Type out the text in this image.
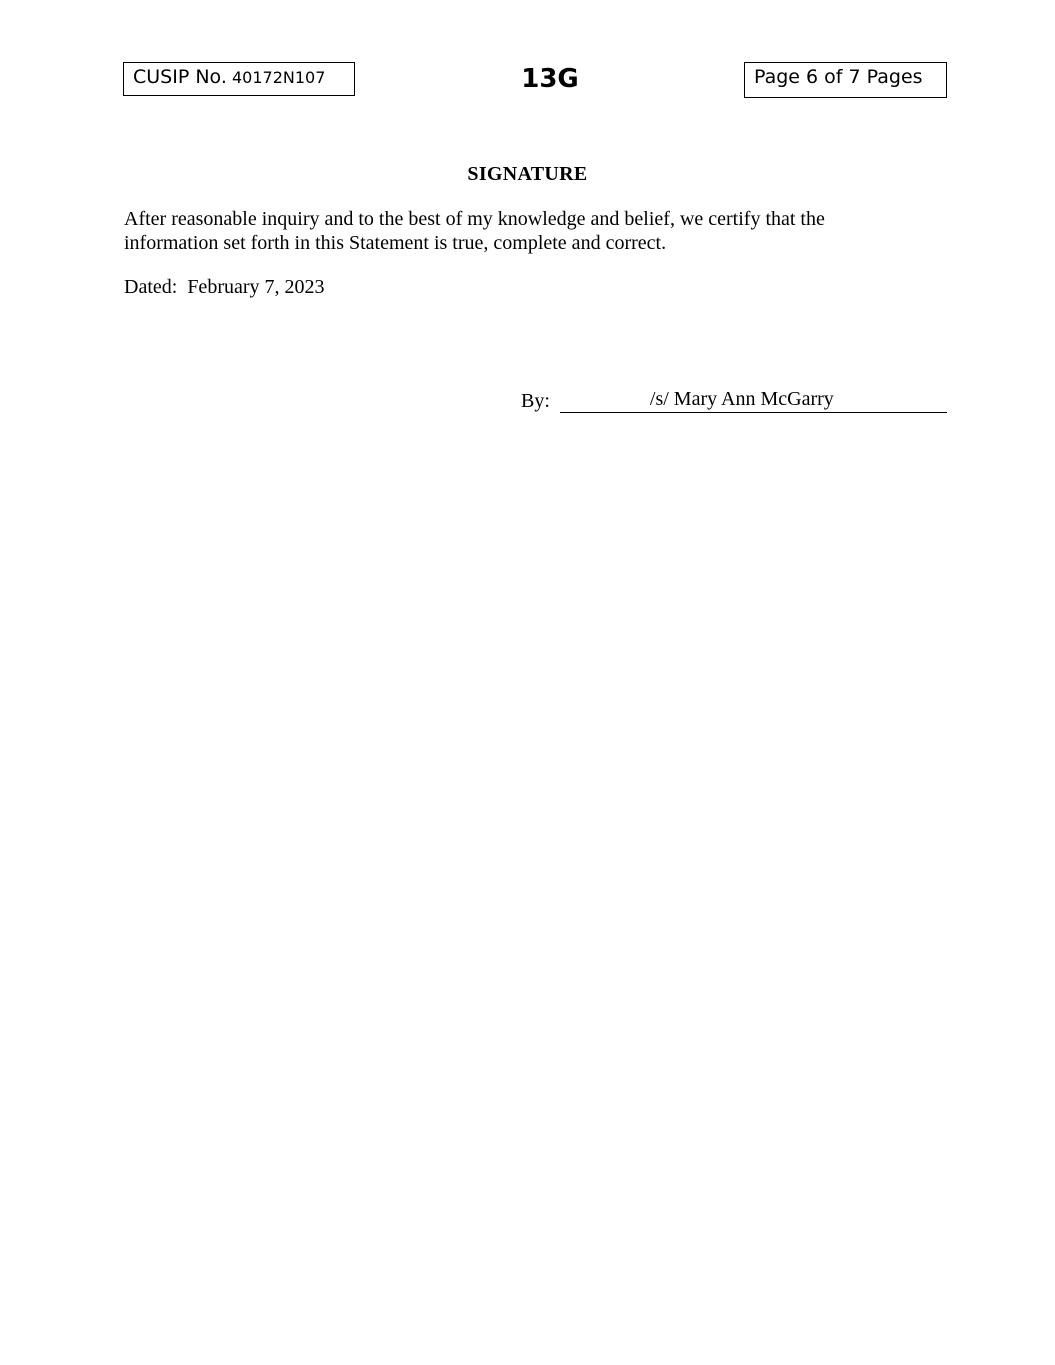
CUSIP No. 40172N107	13G	Page 6 of 7 Pages
SIGNATURE
After reasonable inquiry and to the best of my knowledge and belief, we certify that the information set forth in this Statement is true, complete and correct.
Dated: February 7, 2023
By:	/s/ Mary Ann McGarry
